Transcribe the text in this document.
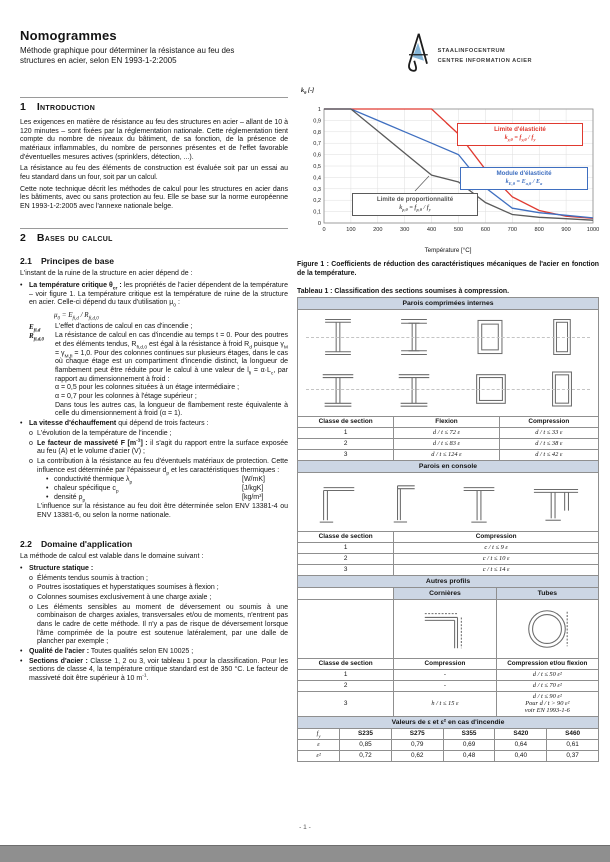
Nomogrammes
Méthode graphique pour déterminer la résistance au feu des structures en acier, selon EN 1993-1-2:2005
STAALINFOCENTRUM
CENTRE INFORMATION ACIER
1 Introduction

Les exigences en matière de résistance au feu des structures en acier – allant de 10 à 120 minutes – sont fixées par la réglementation nationale. Cette réglementation tient compte du nombre de niveaux du bâtiment, de sa fonction, de la présence de matériaux inflammables, du nombre de personnes présentes et de l'effet favorable d'éventuelles mesures actives (sprinklers, détection, ...).

La résistance au feu des éléments de construction est évaluée soit par un essai au feu standard dans un four, soit par un calcul.

Cette note technique décrit les méthodes de calcul pour les structures en acier dans les bâtiments, avec ou sans protection au feu. Elle se base sur la norme européenne EN 1993-1-2:2005 avec l'annexe nationale belge.

2 Bases du calcul
2.1 Principes de base

L'instant de la ruine de la structure en acier dépend de :

• La température critique $\theta_{cr}$ : les propriétés de l'acier dépendent de la température – voir figure 1. La température critique est la température de ruine de la structure en acier. Celle-ci dépend du taux d'utilisation $\mu_0$ :
$\mu_0 = E_{fi,d} / R_{fi,d,0}$
$E_{fi,d}$
L'effet d'actions de calcul en cas d'incendie ;
$R_{fi,d,0}$
La résistance de calcul en cas d'incendie au temps t = 0. Pour des poutres et des éléments tendus, $R_{fi,d,0}$ est égal à la résistance à froid $R_d$ puisque $\gamma_M = \gamma_{M,fi} = 1,0$. Pour des colonnes continues sur plusieurs étages, dans le cas où chaque étage est un compartiment d'incendie distinct, la longueur de flambement peut être réduite pour le calcul à une valeur de $l_{fi} = \alpha\cdot L_c$, par rapport au dimensionnement à froid :
α = 0,5 pour les colonnes situées à un étage intermédiaire ;
α = 0,7 pour les colonnes à l'étage supérieur ;
Dans tous les autres cas, la longueur de flambement reste équivalente à celle du dimensionnement à froid (α = 1).
• La vitesse d'échauffement qui dépend de trois facteurs :
o L'évolution de la température de l'incendie ;
o Le facteur de massiveté F $[m^{-1}]$ : il s'agit du rapport entre la surface exposée au feu (A) et le volume d'acier (V) ;
o La contribution à la résistance au feu d'éventuels matériaux de protection. Cette influence est déterminée par l'épaisseur $d_p$ et les caractéristiques thermiques :
• conductivité thermique $\lambda_p$	[W/mK]
• chaleur spécifique $c_p$	[J/kgK]
• densité $\rho_p$	[kg/m³]
L'influence sur la résistance au feu doit être déterminée selon ENV 13381-4 ou ENV 13381-6, ou selon la norme nationale.
2.2 Domaine d'application

La méthode de calcul est valable dans le domaine suivant :

• Structure statique :
o Éléments tendus soumis à traction ;
o Poutres isostatiques et hyperstatiques soumises à flexion ;
o Colonnes soumises exclusivement à une charge axiale ;
o Les éléments sensibles au moment de déversement ou soumis à une combinaison de charges axiales, transversales et/ou de moments, n'entrent pas dans le cadre de cette méthode. Il n'y a pas de risque de déversement lorsque l'âme comprimée de la poutre est soutenue latéralement, par une dalle de plancher par exemple ;
• Qualité de l'acier : Toutes qualités selon EN 10025 ;
• Sections d'acier : Classe 1, 2 ou 3, voir tableau 1 pour la classification. Pour les sections de classe 4, la température critique standard est de 350 °C. Le facteur de massiveté doit être supérieur à 10 $m^{-1}$.
$k_\theta$ [-]
0	100	200	300	400	500	600	700	800	900	1000
0
0,1
0,2
0,3
0,4
0,5
0,6
0,7
0,8
0,9
1
Température [°C]
Limite d'élasticité
$k_{y,\theta} = f_{y,\theta} / f_y$
Module d'élasticité
$k_{E,\theta} = E_{a,\theta} / E_a$
Limite de proportionnalité
$k_{p,\theta} = f_{p,\theta} / f_y$
Figure 1 : Coefficients de réduction des caractéristiques mécaniques de l'acier en fonction de la température.
Tableau 1 : Classification des sections soumises à compression.
Parois comprimées internes		

Classe de section	Flexion	Compression
1	d / t ≤ 72 ε	d / t ≤ 33 ε
2	d / t ≤ 83 ε	d / t ≤ 38 ε
3	d / t ≤ 124 ε	d / t ≤ 42 ε
Parois en console	

Classe de section	Compression
1	c / t ≤ 9 ε
2	c / t ≤ 10 ε
3	c / t ≤ 14 ε
Autres profils		
	Cornières	Tubes

Classe de section	Compression	Compression et/ou flexion
1	-	d / t ≤ 50 ε²
2	-	d / t ≤ 70 ε²
3	h / t ≤ 15 ε	d / t ≤ 90 ε²
Pour d / t > 90 ε²
voir EN 1993-1-6
Valeurs de ε et ε² en cas d'incendie					
$f_y$	S235	S275	S355	S420	S460
ε	0,85	0,79	0,69	0,64	0,61
ε²	0,72	0,62	0,48	0,40	0,37
- 1 -
